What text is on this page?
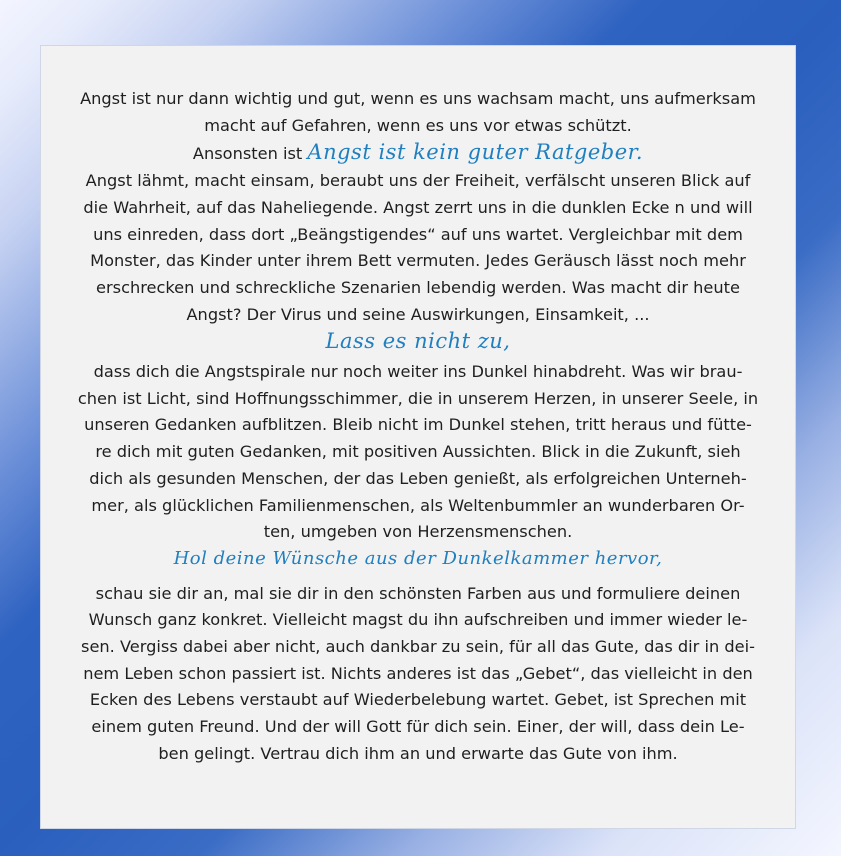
Angst ist nur dann wichtig und gut, wenn es uns wachsam macht, uns aufmerksam

macht auf Gefahren, wenn es uns vor etwas schützt.

Ansonsten ist Angst ist kein guter Ratgeber.

Angst lähmt, macht einsam, beraubt uns der Freiheit, verfälscht unseren Blick auf

die Wahrheit, auf das Naheliegende. Angst zerrt uns in die dunklen Ecke n und will

uns einreden, dass dort „Beängstigendes“ auf uns wartet. Vergleichbar mit dem

Monster, das Kinder unter ihrem Bett vermuten. Jedes Geräusch lässt noch mehr

erschrecken und schreckliche Szenarien lebendig werden. Was macht dir heute

Angst? Der Virus und seine Auswirkungen, Einsamkeit, ...

Lass es nicht zu,

dass dich die Angstspirale nur noch weiter ins Dunkel hinabdreht. Was wir brau-

chen ist Licht, sind Hoffnungsschimmer, die in unserem Herzen, in unserer Seele, in

unseren Gedanken aufblitzen. Bleib nicht im Dunkel stehen, tritt heraus und fütte-

re dich mit guten Gedanken, mit positiven Aussichten. Blick in die Zukunft, sieh

dich als gesunden Menschen, der das Leben genießt, als erfolgreichen Unterneh-

mer, als glücklichen Familienmenschen, als Weltenbummler an wunderbaren Or-

ten, umgeben von Herzensmenschen.

Hol deine Wünsche aus der Dunkelkammer hervor,

schau sie dir an, mal sie dir in den schönsten Farben aus und formuliere deinen

Wunsch ganz konkret. Vielleicht magst du ihn aufschreiben und immer wieder le-

sen. Vergiss dabei aber nicht, auch dankbar zu sein, für all das Gute, das dir in dei-

nem Leben schon passiert ist. Nichts anderes ist das „Gebet“, das vielleicht in den

Ecken des Lebens verstaubt auf Wiederbelebung wartet. Gebet, ist Sprechen mit

einem guten Freund. Und der will Gott für dich sein. Einer, der will, dass dein Le-

ben gelingt. Vertrau dich ihm an und erwarte das Gute von ihm.
